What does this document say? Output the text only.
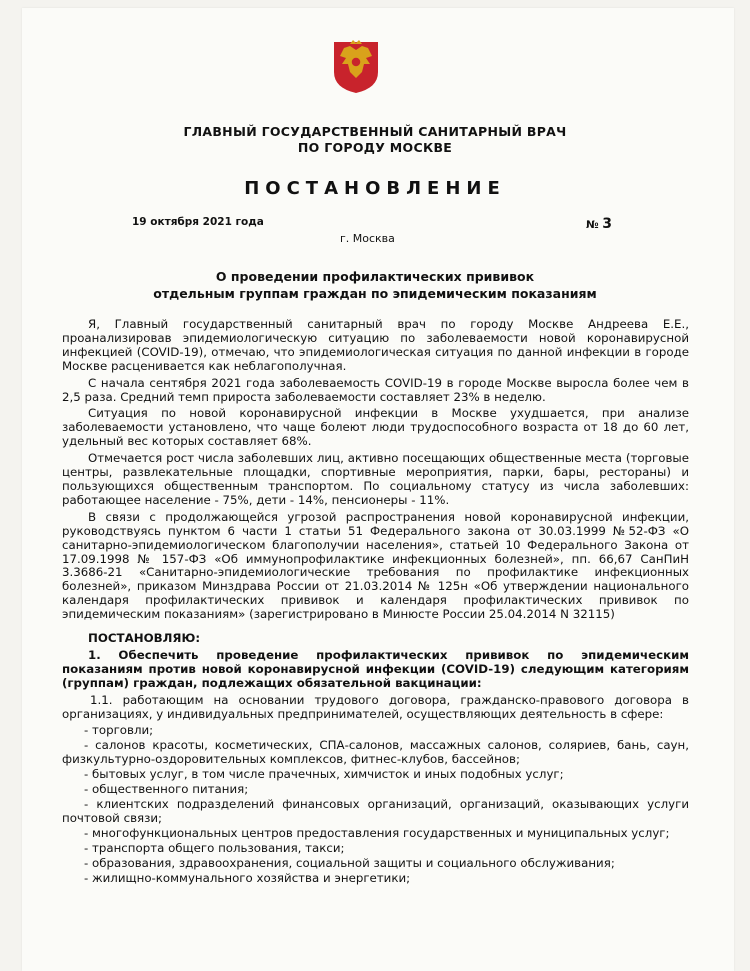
ГЛАВНЫЙ ГОСУДАРСТВЕННЫЙ САНИТАРНЫЙ ВРАЧ
ПО ГОРОДУ МОСКВЕ
ПОСТАНОВЛЕНИЕ
19 октября 2021 года	№ 3
г. Москва
О проведении профилактических прививок
отдельным группам граждан по эпидемическим показаниям

Я, Главный государственный санитарный врач по городу Москве Андреева Е.Е., проанализировав эпидемиологическую ситуацию по заболеваемости новой коронавирусной инфекцией (COVID-19), отмечаю, что эпидемиологическая ситуация по данной инфекции в городе Москве расценивается как неблагополучная.

С начала сентября 2021 года заболеваемость COVID-19 в городе Москве выросла более чем в 2,5 раза. Средний темп прироста заболеваемости составляет 23% в неделю.

Ситуация по новой коронавирусной инфекции в Москве ухудшается, при анализе заболеваемости установлено, что чаще болеют люди трудоспособного возраста от 18 до 60 лет, удельный вес которых составляет 68%.

Отмечается рост числа заболевших лиц, активно посещающих общественные места (торговые центры, развлекательные площадки, спортивные мероприятия, парки, бары, рестораны) и пользующихся общественным транспортом. По социальному статусу из числа заболевших: работающее население - 75%, дети - 14%, пенсионеры - 11%.

В связи с продолжающейся угрозой распространения новой коронавирусной инфекции, руководствуясь пунктом 6 части 1 статьи 51 Федерального закона от 30.03.1999 №52-ФЗ «О санитарно-эпидемиологическом благополучии населения», статьей 10 Федерального Закона от 17.09.1998 № 157-ФЗ «Об иммунопрофилактике инфекционных болезней», пп. 66,67 СанПиН 3.3686-21 «Санитарно-эпидемиологические требования по профилактике инфекционных болезней», приказом Минздрава России от 21.03.2014 № 125н «Об утверждении национального календаря профилактических прививок и календаря профилактических прививок по эпидемическим показаниям» (зарегистрировано в Минюсте России 25.04.2014 N 32115)

ПОСТАНОВЛЯЮ:

1. Обеспечить проведение профилактических прививок по эпидемическим показаниям против новой коронавирусной инфекции (COVID-19) следующим категориям (группам) граждан, подлежащих обязательной вакцинации:

1.1. работающим на основании трудового договора, гражданско-правового договора в организациях, у индивидуальных предпринимателей, осуществляющих деятельность в сфере:

- торговли;

- салонов красоты, косметических, СПА-салонов, массажных салонов, соляриев, бань, саун, физкультурно-оздоровительных комплексов, фитнес-клубов, бассейнов;

- бытовых услуг, в том числе прачечных, химчисток и иных подобных услуг;

- общественного питания;

- клиентских подразделений финансовых организаций, организаций, оказывающих услуги почтовой связи;

- многофункциональных центров предоставления государственных и муниципальных услуг;

- транспорта общего пользования, такси;

- образования, здравоохранения, социальной защиты и социального обслуживания;

- жилищно-коммунального хозяйства и энергетики;
